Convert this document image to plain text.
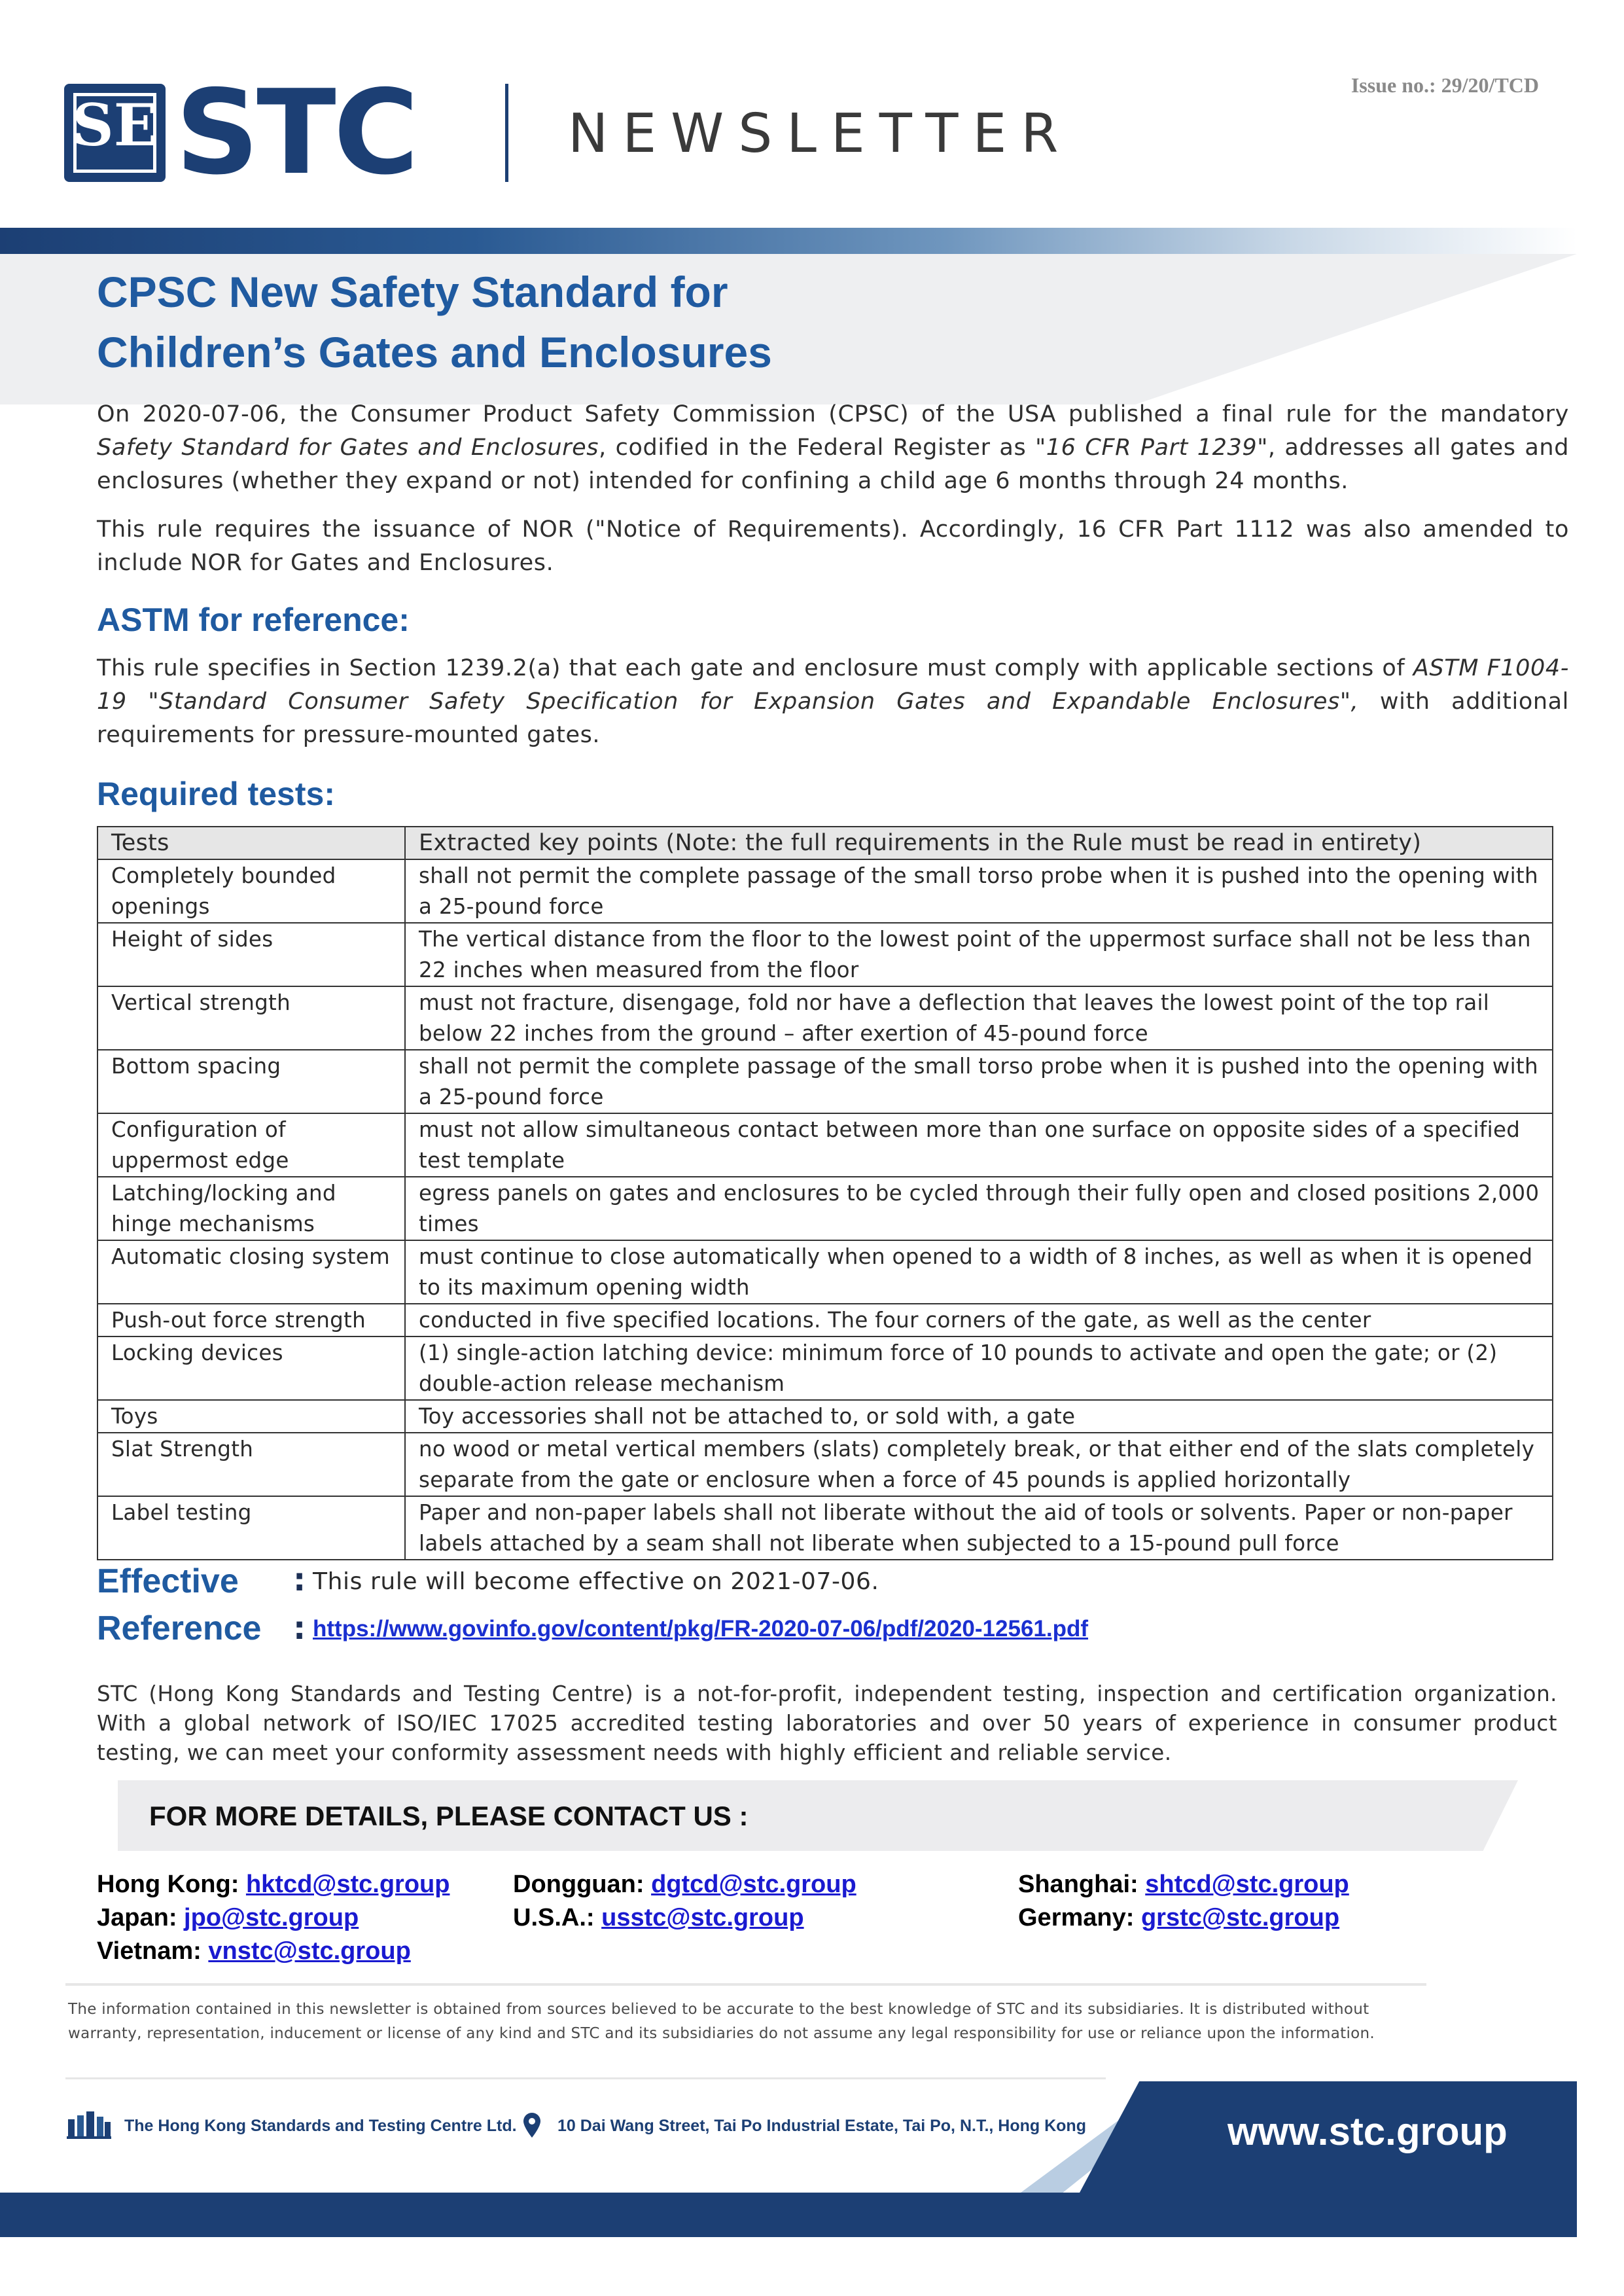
SE STC	NEWSLETTER
Issue no.: 29/20/TCD
CPSC New Safety Standard for
Children’s Gates and Enclosures
On 2020-07-06, the Consumer Product Safety Commission (CPSC) of the USA published a final rule for the mandatory Safety Standard for Gates and Enclosures, codified in the Federal Register as "16 CFR Part 1239", addresses all gates and enclosures (whether they expand or not) intended for confining a child age 6 months through 24 months.
This rule requires the issuance of NOR ("Notice of Requirements). Accordingly, 16 CFR Part 1112 was also amended to include NOR for Gates and Enclosures.
ASTM for reference:
This rule specifies in Section 1239.2(a) that each gate and enclosure must comply with applicable sections of ASTM F1004-19 "Standard Consumer Safety Specification for Expansion Gates and Expandable Enclosures", with additional requirements for pressure-mounted gates.
Required tests:
Tests	Extracted key points (Note: the full requirements in the Rule must be read in entirety)
Completely bounded openings	shall not permit the complete passage of the small torso probe when it is pushed into the opening with a 25-pound force
Height of sides	The vertical distance from the floor to the lowest point of the uppermost surface shall not be less than 22 inches when measured from the floor
Vertical strength	must not fracture, disengage, fold nor have a deflection that leaves the lowest point of the top rail below 22 inches from the ground – after exertion of 45-pound force
Bottom spacing	shall not permit the complete passage of the small torso probe when it is pushed into the opening with a 25-pound force
Configuration of uppermost edge	must not allow simultaneous contact between more than one surface on opposite sides of a specified test template
Latching/locking and hinge mechanisms	egress panels on gates and enclosures to be cycled through their fully open and closed positions 2,000 times
Automatic closing system	must continue to close automatically when opened to a width of 8 inches, as well as when it is opened to its maximum opening width
Push-out force strength	conducted in five specified locations. The four corners of the gate, as well as the center
Locking devices	(1) single-action latching device: minimum force of 10 pounds to activate and open the gate; or (2) double-action release mechanism
Toys	Toy accessories shall not be attached to, or sold with, a gate
Slat Strength	no wood or metal vertical members (slats) completely break, or that either end of the slats completely separate from the gate or enclosure when a force of 45 pounds is applied horizontally
Label testing	Paper and non-paper labels shall not liberate without the aid of tools or solvents. Paper or non-paper labels attached by a seam shall not liberate when subjected to a 15-pound pull force
Effective : This rule will become effective on 2021-07-06.
Reference : https://www.govinfo.gov/content/pkg/FR-2020-07-06/pdf/2020-12561.pdf
STC (Hong Kong Standards and Testing Centre) is a not-for-profit, independent testing, inspection and certification organization. With a global network of ISO/IEC 17025 accredited testing laboratories and over 50 years of experience in consumer product testing, we can meet your conformity assessment needs with highly efficient and reliable service.
FOR MORE DETAILS, PLEASE CONTACT US :
Hong Kong: hktcd@stc.group	Dongguan: dgtcd@stc.group	Shanghai: shtcd@stc.group
Japan: jpo@stc.group	U.S.A.: usstc@stc.group	Germany: grstc@stc.group
Vietnam: vnstc@stc.group
The information contained in this newsletter is obtained from sources believed to be accurate to the best knowledge of STC and its subsidiaries. It is distributed without warranty, representation, inducement or license of any kind and STC and its subsidiaries do not assume any legal responsibility for use or reliance upon the information.
The Hong Kong Standards and Testing Centre Ltd. 10 Dai Wang Street, Tai Po Industrial Estate, Tai Po, N.T., Hong Kong	www.stc.group
